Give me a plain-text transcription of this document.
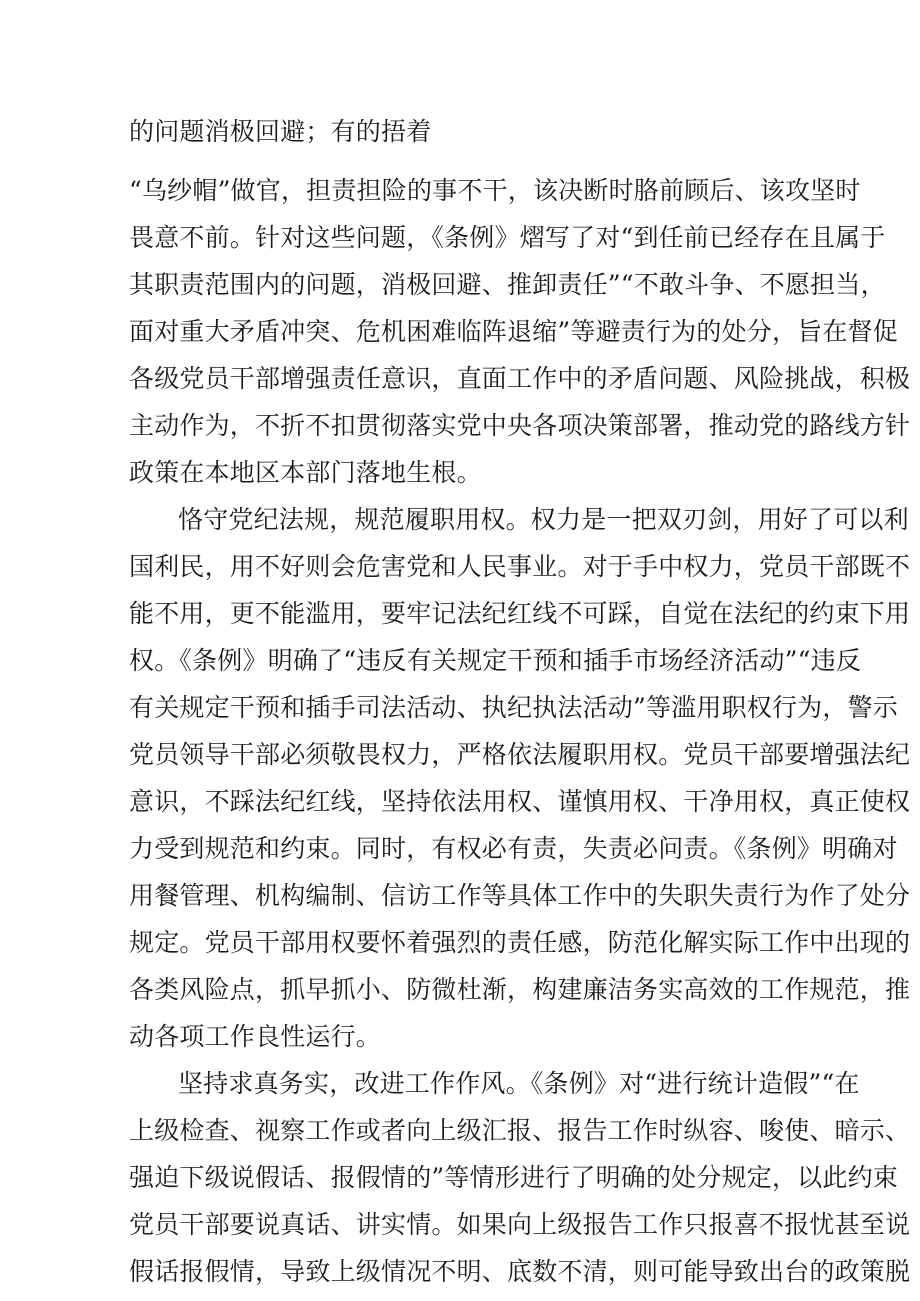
的问题消极回避；有的捂着
“乌纱帽”做官，担责担险的事不干，该决断时胳前顾后、该攻坚时
畏意不前。针对这些问题，《条例》熠写了对“到任前已经存在且属于
其职责范围内的问题，消极回避、推卸责任”“不敢斗争、不愿担当，
面对重大矛盾冲突、危机困难临阵退缩”等避责行为的处分，旨在督促
各级党员干部增强责任意识，直面工作中的矛盾问题、风险挑战，积极
主动作为，不折不扣贯彻落实党中央各项决策部署，推动党的路线方针
政策在本地区本部门落地生根。
恪守党纪法规，规范履职用权。权力是一把双刃剑，用好了可以利
国利民，用不好则会危害党和人民事业。对于手中权力，党员干部既不
能不用，更不能滥用，要牢记法纪红线不可踩，自觉在法纪的约束下用
权。《条例》明确了“违反有关规定干预和插手市场经济活动”“违反
有关规定干预和插手司法活动、执纪执法活动”等滥用职权行为，警示
党员领导干部必须敬畏权力，严格依法履职用权。党员干部要增强法纪
意识，不踩法纪红线，坚持依法用权、谨慎用权、干净用权，真正使权
力受到规范和约束。同时，有权必有责，失责必问责。《条例》明确对
用餐管理、机构编制、信访工作等具体工作中的失职失责行为作了处分
规定。党员干部用权要怀着强烈的责任感，防范化解实际工作中出现的
各类风险点，抓早抓小、防微杜渐，构建廉洁务实高效的工作规范，推
动各项工作良性运行。
坚持求真务实，改进工作作风。《条例》对“进行统计造假”“在
上级检查、视察工作或者向上级汇报、报告工作时纵容、唆使、暗示、
强迫下级说假话、报假情的”等情形进行了明确的处分规定，以此约束
党员干部要说真话、讲实情。如果向上级报告工作只报喜不报忧甚至说
假话报假情，导致上级情况不明、底数不清，则可能导致出台的政策脱
